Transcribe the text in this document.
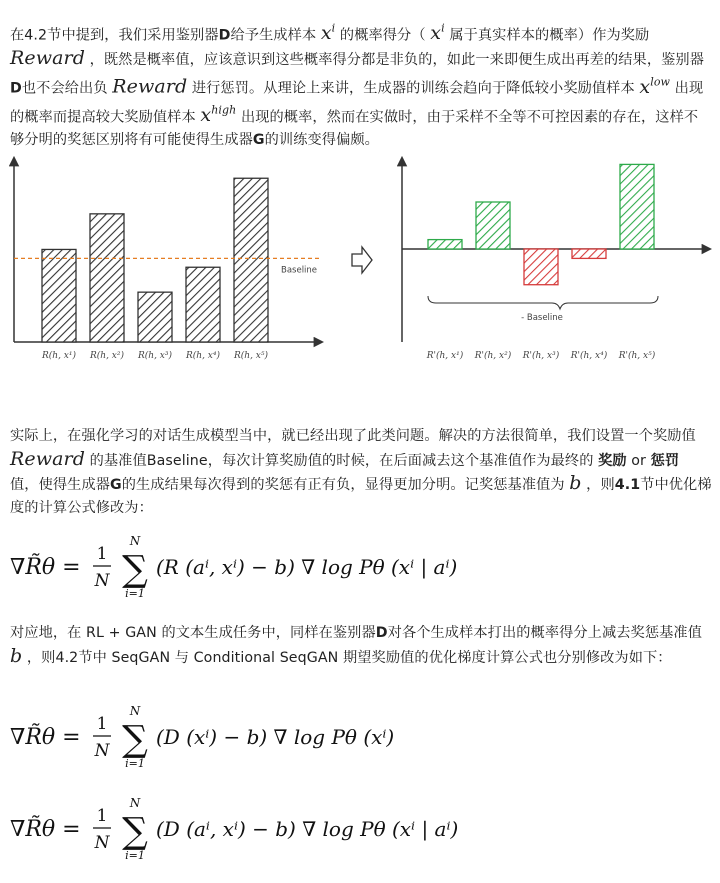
在4.2节中提到，我们采用鉴别器D给予生成样本 $x^i$ 的概率得分（ $x^i$ 属于真实样本的概率）作为奖励 Reward ，既然是概率值，应该意识到这些概率得分都是非负的，如此一来即便生成出再差的结果，鉴别器D也不会给出负 Reward 进行惩罚。从理论上来讲，生成器的训练会趋向于降低较小奖励值样本 $x^{low}$ 出现的概率而提高较大奖励值样本 $x^{high}$ 出现的概率，然而在实做时，由于采样不全等不可控因素的存在，这样不够分明的奖惩区别将有可能使得生成器G的训练变得偏颇。

Baseline
R(h, x¹) R(h, x²) R(h, x³) R(h, x⁴) R(h, x⁵)
- Baseline
R'(h, x¹) R'(h, x²) R'(h, x³) R'(h, x⁴) R'(h, x⁵)

实际上，在强化学习的对话生成模型当中，就已经出现了此类问题。解决的方法很简单，我们设置一个奖励值 Reward 的基准值Baseline，每次计算奖励值的时候，在后面减去这个基准值作为最终的 奖励 or 惩罚 值，使得生成器G的生成结果每次得到的奖惩有正有负，显得更加分明。记奖惩基准值为 b ，则4.1节中优化梯度的计算公式修改为：

∇R̃θ =
1
N
N
∑
i=1
(R (aⁱ, xⁱ) − b) ∇ log Pθ (xⁱ | aⁱ)

对应地，在 RL + GAN 的文本生成任务中，同样在鉴别器D对各个生成样本打出的概率得分上减去奖惩基准值 b ，则4.2节中 SeqGAN 与 Conditional SeqGAN 期望奖励值的优化梯度计算公式也分别修改为如下：

∇R̃θ =
1
N
N
∑
i=1
(D (xⁱ) − b) ∇ log Pθ (xⁱ)
∇R̃θ =
1
N
N
∑
i=1
(D (aⁱ, xⁱ) − b) ∇ log Pθ (xⁱ | aⁱ)
